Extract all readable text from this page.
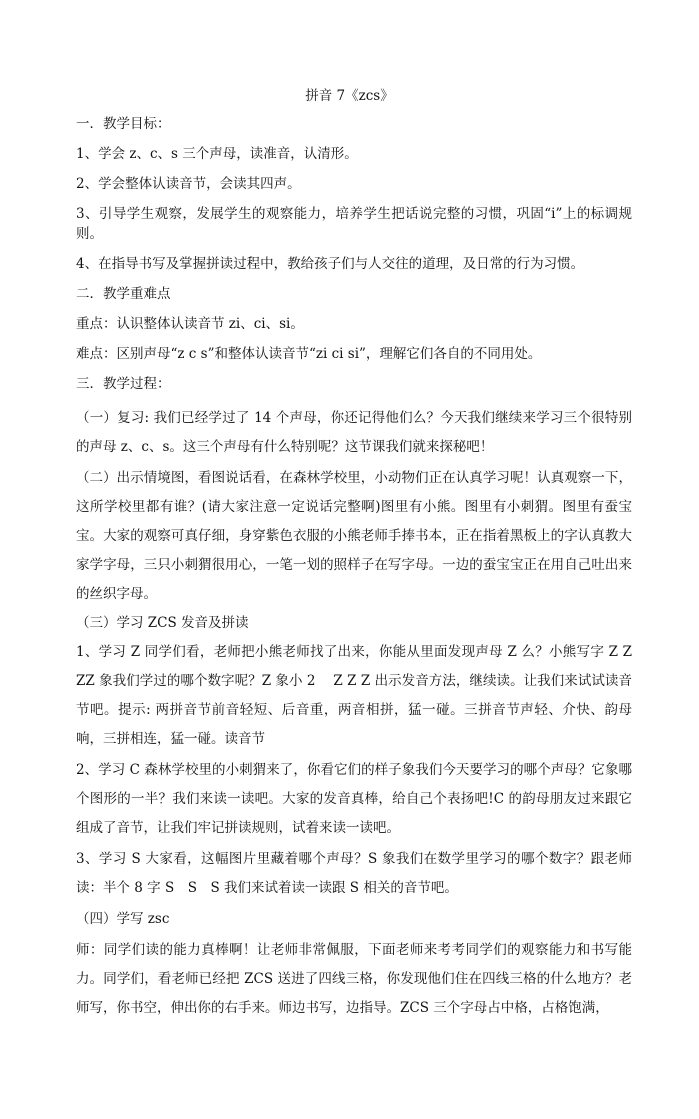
拼音 7《zcs》

一．教学目标：

1、学会 z、c、s 三个声母，读准音，认清形。

2、学会整体认读音节，会读其四声。

3、引导学生观察，发展学生的观察能力，培养学生把话说完整的习惯，巩固“i”上的标调规则。

4、在指导书写及掌握拼读过程中，教给孩子们与人交往的道理，及日常的行为习惯。

二．教学重难点

重点：认识整体认读音节 zi、ci、si。

难点：区别声母“z c s”和整体认读音节“zi ci si”，理解它们各自的不同用处。

三．教学过程：

（一）复习: 我们已经学过了 14 个声母，你还记得他们么？今天我们继续来学习三个很特别的声母 z、c、s。这三个声母有什么特别呢？这节课我们就来探秘吧！

（二）出示情境图，看图说话看，在森林学校里，小动物们正在认真学习呢！认真观察一下，这所学校里都有谁？(请大家注意一定说话完整啊)图里有小熊。图里有小刺猬。图里有蚕宝宝。大家的观察可真仔细，身穿紫色衣服的小熊老师手捧书本，正在指着黑板上的字认真教大家学字母，三只小刺猬很用心，一笔一划的照样子在写字母。一边的蚕宝宝正在用自己吐出来的丝织字母。

（三）学习 ZCS 发音及拼读

1、学习 Z 同学们看，老师把小熊老师找了出来，你能从里面发现声母 Z 么？小熊写字 Z Z ZZ 象我们学过的哪个数字呢？Z 象小 2　 Z Z Z 出示发音方法，继续读。让我们来试试读音节吧。提示: 两拼音节前音轻短、后音重，两音相拼，猛一碰。三拼音节声轻、介快、韵母响，三拼相连，猛一碰。读音节

2、学习 C 森林学校里的小刺猬来了，你看它们的样子象我们今天要学习的哪个声母？它象哪个图形的一半？我们来读一读吧。大家的发音真棒，给自己个表扬吧!C 的韵母朋友过来跟它组成了音节，让我们牢记拼读规则，试着来读一读吧。

3、学习 S 大家看，这幅图片里藏着哪个声母？S 象我们在数学里学习的哪个数字？跟老师读：半个 8 字 S　S　S 我们来试着读一读跟 S 相关的音节吧。

（四）学写 zsc

师：同学们读的能力真棒啊！让老师非常佩服，下面老师来考考同学们的观察能力和书写能力。同学们，看老师已经把 ZCS 送进了四线三格，你发现他们住在四线三格的什么地方？老师写，你书空，伸出你的右手来。师边书写，边指导。ZCS 三个字母占中格，占格饱满，
